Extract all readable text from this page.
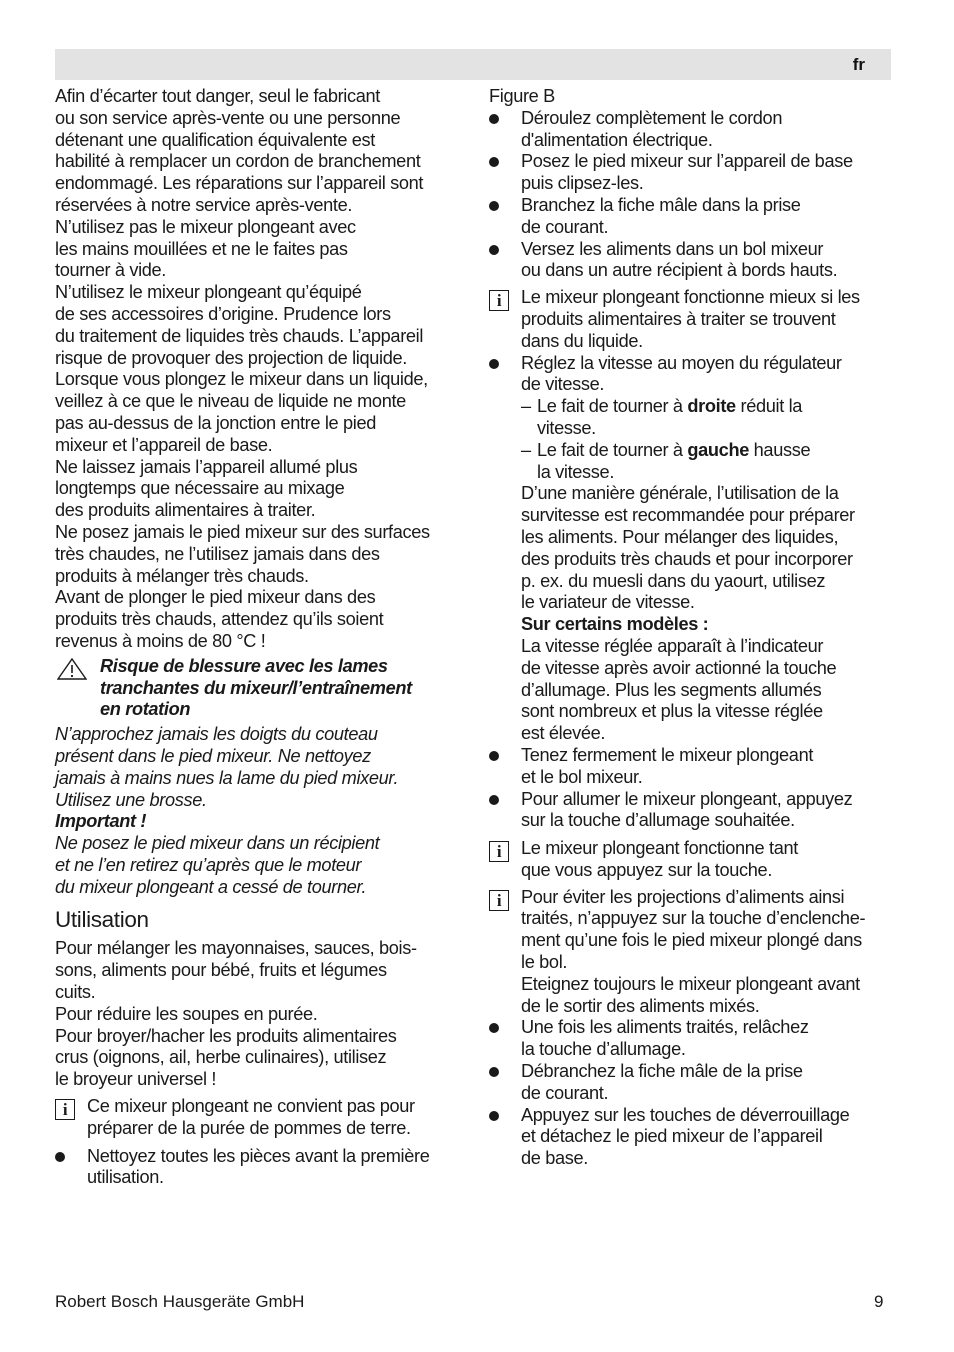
fr

Afin d’écarter tout danger, seul le fabricant
ou son service après-vente ou une personne
détenant une qualification équivalente est
habilité à remplacer un cordon de branchement
endommagé. Les réparations sur l’appareil sont
réservées à notre service après-vente.

N’utilisez pas le mixeur plongeant avec
les mains mouillées et ne le faites pas
tourner à vide.

N’utilisez le mixeur plongeant qu’équipé
de ses accessoires d’origine. Prudence lors
du traitement de liquides très chauds. L’appareil
risque de provoquer des projection de liquide.

Lorsque vous plongez le mixeur dans un liquide,
veillez à ce que le niveau de liquide ne monte
pas au-dessus de la jonction entre le pied
mixeur et l’appareil de base.

Ne laissez jamais l’appareil allumé plus
longtemps que nécessaire au mixage
des produits alimentaires à traiter.

Ne posez jamais le pied mixeur sur des surfaces
très chaudes, ne l’utilisez jamais dans des
produits à mélanger très chauds.

Avant de plonger le pied mixeur dans des
produits très chauds, attendez qu’ils soient
revenus à moins de 80 °C !

Risque de blessure avec les lames
tranchantes du mixeur/l’entraînement
en rotation

N’approchez jamais les doigts du couteau
présent dans le pied mixeur. Ne nettoyez
jamais à mains nues la lame du pied mixeur.
Utilisez une brosse.

Important !

Ne posez le pied mixeur dans un récipient
et ne l’en retirez qu’après que le moteur
du mixeur plongeant a cessé de tourner.

Utilisation

Pour mélanger les mayonnaises, sauces, bois-
sons, aliments pour bébé, fruits et légumes
cuits.

Pour réduire les soupes en purée.

Pour broyer/hacher les produits alimentaires
crus (oignons, ail, herbe culinaires), utilisez
le broyeur universel !

i	Ce mixeur plongeant ne convient pas pour
préparer de la purée de pommes de terre.

Nettoyez toutes les pièces avant la première
utilisation.

Figure B

Déroulez complètement le cordon
d'alimentation électrique.

Posez le pied mixeur sur l’appareil de base
puis clipsez-les.

Branchez la fiche mâle dans la prise
de courant.

Versez les aliments dans un bol mixeur
ou dans un autre récipient à bords hauts.

i	Le mixeur plongeant fonctionne mieux si les
produits alimentaires à traiter se trouvent
dans du liquide.

Réglez la vitesse au moyen du régulateur
de vitesse.

– Le fait de tourner à droite réduit la
vitesse.

– Le fait de tourner à gauche hausse
la vitesse.

D’une manière générale, l’utilisation de la
survitesse est recommandée pour préparer
les aliments. Pour mélanger des liquides,
des produits très chauds et pour incorporer
p. ex. du muesli dans du yaourt, utilisez
le variateur de vitesse.

Sur certains modèles :

La vitesse réglée apparaît à l’indicateur
de vitesse après avoir actionné la touche
d’allumage. Plus les segments allumés
sont nombreux et plus la vitesse réglée
est élevée.

Tenez fermement le mixeur plongeant
et le bol mixeur.

Pour allumer le mixeur plongeant, appuyez
sur la touche d’allumage souhaitée.

i	Le mixeur plongeant fonctionne tant
que vous appuyez sur la touche.

i	Pour éviter les projections d’aliments ainsi
traités, n’appuyez sur la touche d’enclenche-
ment qu’une fois le pied mixeur plongé dans
le bol.

Eteignez toujours le mixeur plongeant avant
de le sortir des aliments mixés.

Une fois les aliments traités, relâchez
la touche d’allumage.

Débranchez la fiche mâle de la prise
de courant.

Appuyez sur les touches de déverrouillage
et détachez le pied mixeur de l’appareil
de base.

Robert Bosch Hausgeräte GmbH	9
